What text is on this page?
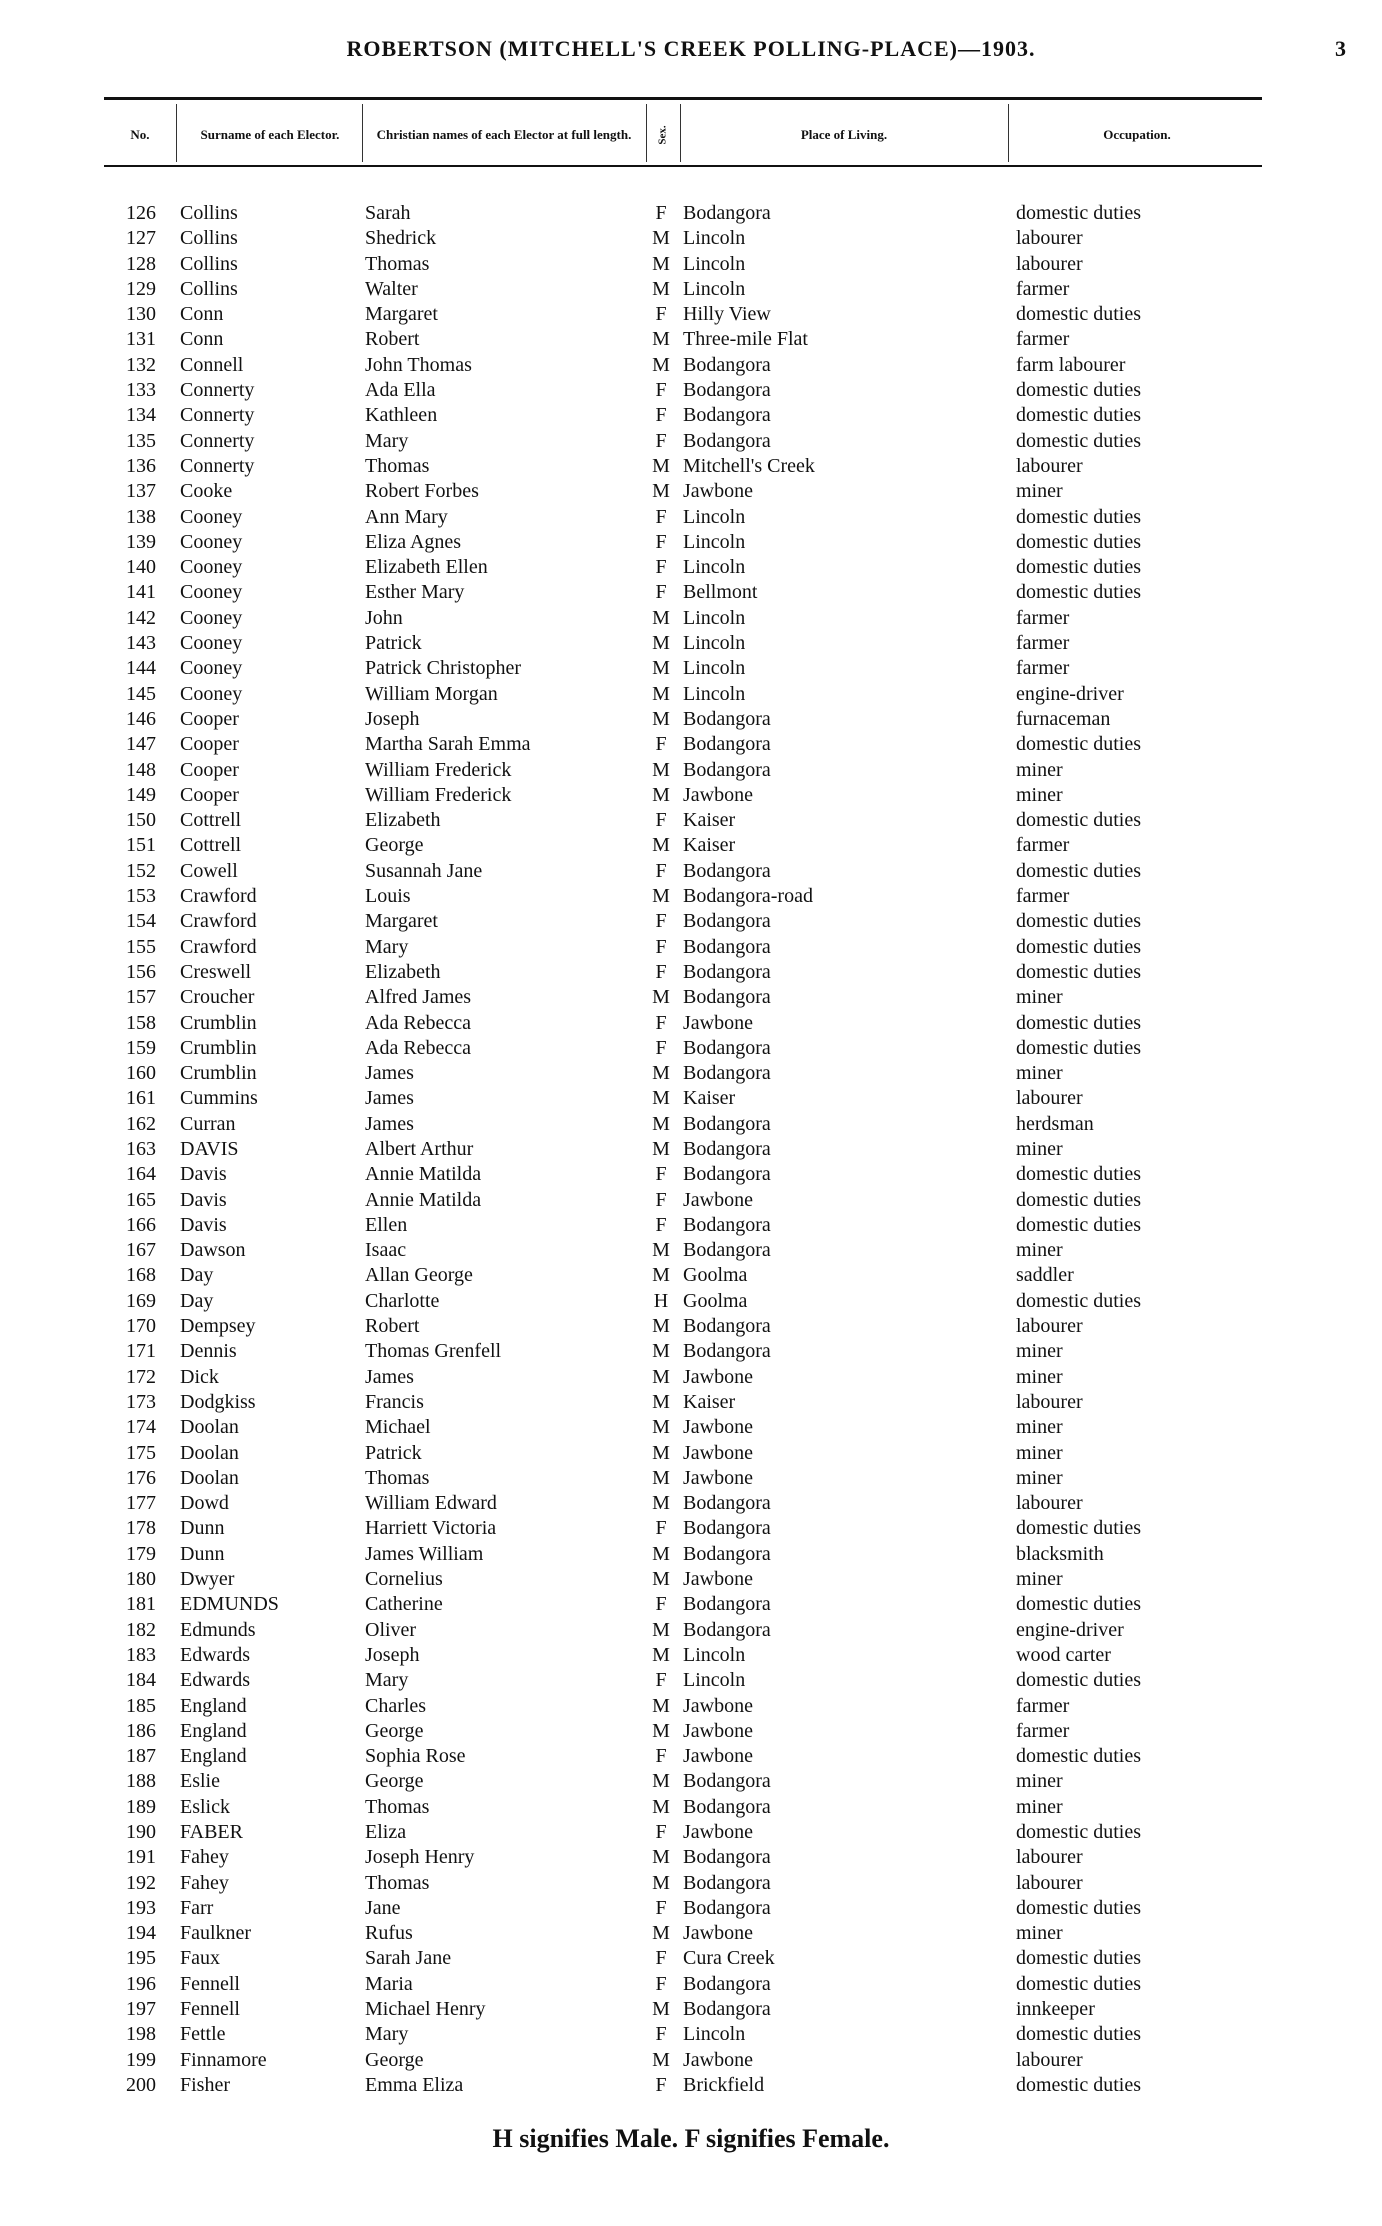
ROBERTSON (MITCHELL'S CREEK POLLING-PLACE)—1903.	3
No.	Surname of each Elector.	Christian names of each Elector at full length.	Sex.	Place of Living.	Occupation.
126 Collins	Sarah	F Bodangora	domestic duties
127 Collins	Shedrick	M Lincoln	labourer
128 Collins	Thomas	M Lincoln	labourer
129 Collins	Walter	M Lincoln	farmer
130 Conn	Margaret	F Hilly View	domestic duties
131 Conn	Robert	M Three-mile Flat	farmer
132 Connell	John Thomas	M Bodangora	farm labourer
133 Connerty	Ada Ella	F Bodangora	domestic duties
134 Connerty	Kathleen	F Bodangora	domestic duties
135 Connerty	Mary	F Bodangora	domestic duties
136 Connerty	Thomas	M Mitchell's Creek	labourer
137 Cooke	Robert Forbes	M Jawbone	miner
138 Cooney	Ann Mary	F Lincoln	domestic duties
139 Cooney	Eliza Agnes	F Lincoln	domestic duties
140 Cooney	Elizabeth Ellen	F Lincoln	domestic duties
141 Cooney	Esther Mary	F Bellmont	domestic duties
142 Cooney	John	M Lincoln	farmer
143 Cooney	Patrick	M Lincoln	farmer
144 Cooney	Patrick Christopher	M Lincoln	farmer
145 Cooney	William Morgan	M Lincoln	engine-driver
146 Cooper	Joseph	M Bodangora	furnaceman
147 Cooper	Martha Sarah Emma	F Bodangora	domestic duties
148 Cooper	William Frederick	M Bodangora	miner
149 Cooper	William Frederick	M Jawbone	miner
150 Cottrell	Elizabeth	F Kaiser	domestic duties
151 Cottrell	George	M Kaiser	farmer
152 Cowell	Susannah Jane	F Bodangora	domestic duties
153 Crawford	Louis	M Bodangora-road	farmer
154 Crawford	Margaret	F Bodangora	domestic duties
155 Crawford	Mary	F Bodangora	domestic duties
156 Creswell	Elizabeth	F Bodangora	domestic duties
157 Croucher	Alfred James	M Bodangora	miner
158 Crumblin	Ada Rebecca	F Jawbone	domestic duties
159 Crumblin	Ada Rebecca	F Bodangora	domestic duties
160 Crumblin	James	M Bodangora	miner
161 Cummins	James	M Kaiser	labourer
162 Curran	James	M Bodangora	herdsman
163 DAVIS	Albert Arthur	M Bodangora	miner
164 Davis	Annie Matilda	F Bodangora	domestic duties
165 Davis	Annie Matilda	F Jawbone	domestic duties
166 Davis	Ellen	F Bodangora	domestic duties
167 Dawson	Isaac	M Bodangora	miner
168 Day	Allan George	M Goolma	saddler
169 Day	Charlotte	H Goolma	domestic duties
170 Dempsey	Robert	M Bodangora	labourer
171 Dennis	Thomas Grenfell	M Bodangora	miner
172 Dick	James	M Jawbone	miner
173 Dodgkiss	Francis	M Kaiser	labourer
174 Doolan	Michael	M Jawbone	miner
175 Doolan	Patrick	M Jawbone	miner
176 Doolan	Thomas	M Jawbone	miner
177 Dowd	William Edward	M Bodangora	labourer
178 Dunn	Harriett Victoria	F Bodangora	domestic duties
179 Dunn	James William	M Bodangora	blacksmith
180 Dwyer	Cornelius	M Jawbone	miner
181 EDMUNDS	Catherine	F Bodangora	domestic duties
182 Edmunds	Oliver	M Bodangora	engine-driver
183 Edwards	Joseph	M Lincoln	wood carter
184 Edwards	Mary	F Lincoln	domestic duties
185 England	Charles	M Jawbone	farmer
186 England	George	M Jawbone	farmer
187 England	Sophia Rose	F Jawbone	domestic duties
188 Eslie	George	M Bodangora	miner
189 Eslick	Thomas	M Bodangora	miner
190 FABER	Eliza	F Jawbone	domestic duties
191 Fahey	Joseph Henry	M Bodangora	labourer
192 Fahey	Thomas	M Bodangora	labourer
193 Farr	Jane	F Bodangora	domestic duties
194 Faulkner	Rufus	M Jawbone	miner
195 Faux	Sarah Jane	F Cura Creek	domestic duties
196 Fennell	Maria	F Bodangora	domestic duties
197 Fennell	Michael Henry	M Bodangora	innkeeper
198 Fettle	Mary	F Lincoln	domestic duties
199 Finnamore	George	M Jawbone	labourer
200 Fisher	Emma Eliza	F Brickfield	domestic duties
H signifies Male. F signifies Female.
